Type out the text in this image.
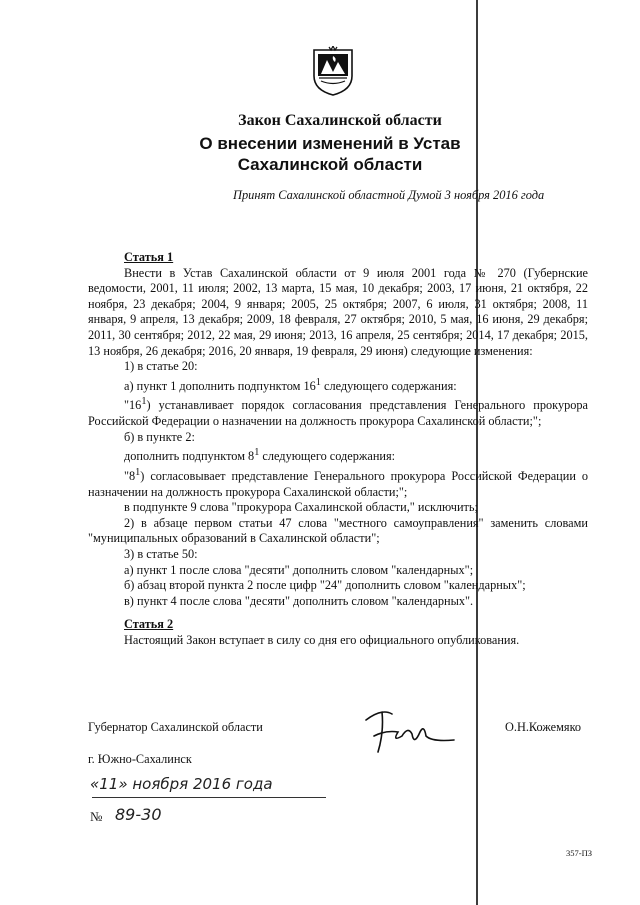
Закон Сахалинской области
О внесении изменений в Устав Сахалинской области
Принят Сахалинской областной Думой 3 ноября 2016 года

Статья 1

Внести в Устав Сахалинской области от 9 июля 2001 года № 270 (Губернские ведомости, 2001, 11 июля; 2002, 13 марта, 15 мая, 10 декабря; 2003, 17 июня, 21 октября, 22 ноября, 23 декабря; 2004, 9 января; 2005, 25 октября; 2007, 6 июля, 31 октября; 2008, 11 января, 9 апреля, 13 декабря; 2009, 18 февраля, 27 октября; 2010, 5 мая, 16 июня, 29 декабря; 2011, 30 сентября; 2012, 22 мая, 29 июня; 2013, 16 апреля, 25 сентября; 2014, 17 декабря; 2015, 13 ноября, 26 декабря; 2016, 20 января, 19 февраля, 29 июня) следующие изменения:

1) в статье 20:

а) пункт 1 дополнить подпунктом $16^1$ следующего содержания:

"$16^1$) устанавливает порядок согласования представления Генерального прокурора Российской Федерации о назначении на должность прокурора Сахалинской области;";

б) в пункте 2:

дополнить подпунктом $8^1$ следующего содержания:

"$8^1$) согласовывает представление Генерального прокурора Российской Федерации о назначении на должность прокурора Сахалинской области;";

в подпункте 9 слова "прокурора Сахалинской области," исключить;

2) в абзаце первом статьи 47 слова "местного самоуправления" заменить словами "муниципальных образований в Сахалинской области";

3) в статье 50:

а) пункт 1 после слова "десяти" дополнить словом "календарных";

б) абзац второй пункта 2 после цифр "24" дополнить словом "календарных";

в) пункт 4 после слова "десяти" дополнить словом "календарных".

Статья 2

Настоящий Закон вступает в силу со дня его официального опубликования.

Губернатор Сахалинской области	О.Н.Кожемяко
г. Южно-Сахалинск
«11» ноября 2016 года
№ 89-30
357-ПЗ
